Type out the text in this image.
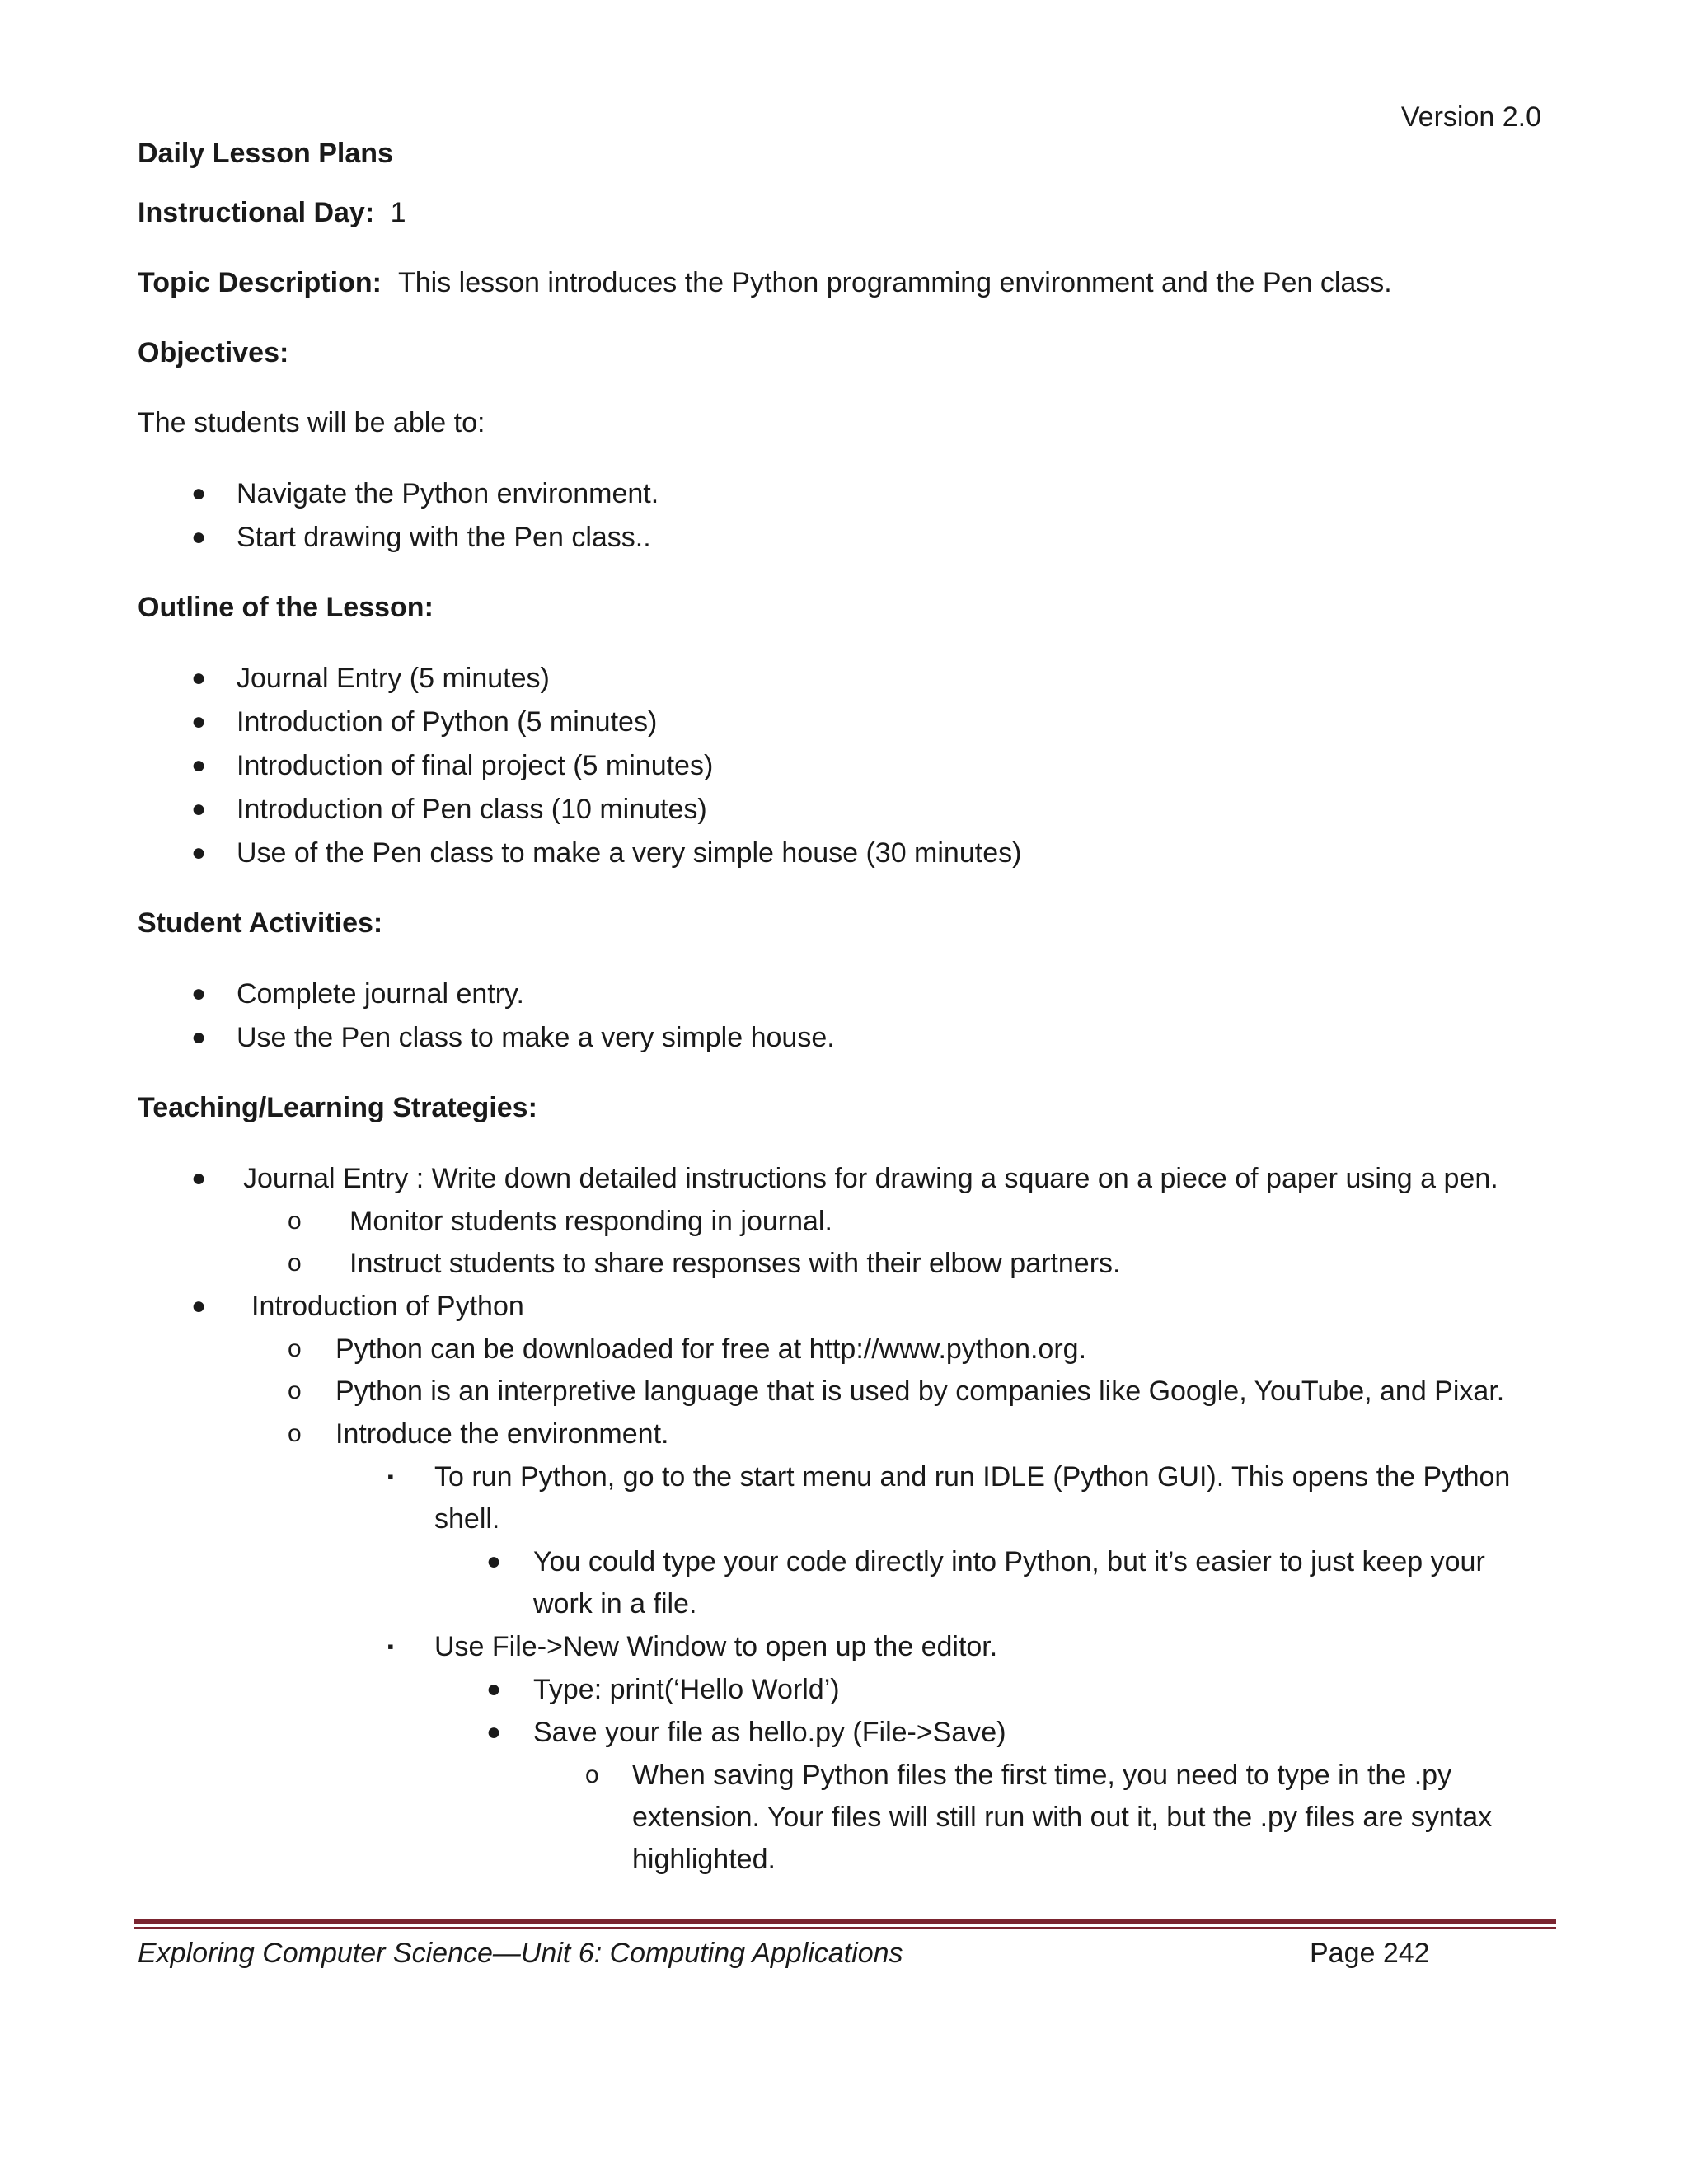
Version 2.0
Daily Lesson Plans
Instructional Day: 1
Topic Description: This lesson introduces the Python programming environment and the Pen class.
Objectives:
The students will be able to:
● Navigate the Python environment.
● Start drawing with the Pen class..
Outline of the Lesson:
● Journal Entry (5 minutes)
● Introduction of Python (5 minutes)
● Introduction of final project (5 minutes)
● Introduction of Pen class (10 minutes)
● Use of the Pen class to make a very simple house (30 minutes)
Student Activities:
● Complete journal entry.
● Use the Pen class to make a very simple house.
Teaching/Learning Strategies:
● Journal Entry : Write down detailed instructions for drawing a square on a piece of paper using a pen.
o Monitor students responding in journal.
o Instruct students to share responses with their elbow partners.
● Introduction of Python
o Python can be downloaded for free at http://www.python.org.
o Python is an interpretive language that is used by companies like Google, YouTube, and Pixar.
o Introduce the environment.
▪ To run Python, go to the start menu and run IDLE (Python GUI). This opens the Python
shell.
● You could type your code directly into Python, but it’s easier to just keep your
work in a file.
▪ Use File->New Window to open up the editor.
● Type: print(‘Hello World’)
● Save your file as hello.py (File->Save)
o When saving Python files the first time, you need to type in the .py
extension. Your files will still run with out it, but the .py files are syntax
highlighted.
Exploring Computer Science—Unit 6: Computing Applications	Page 242
